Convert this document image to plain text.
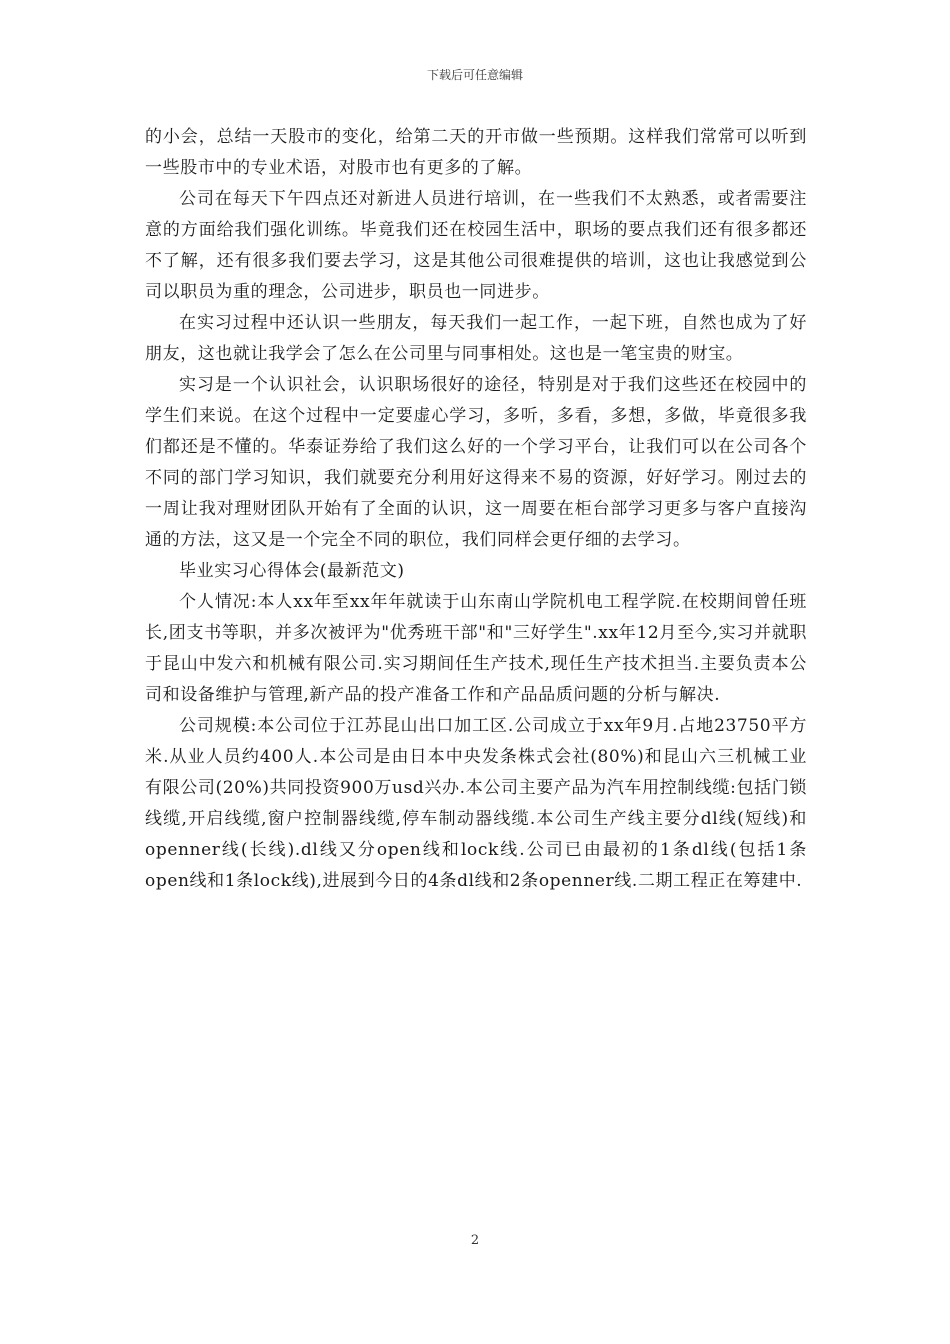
下载后可任意编辑

的小会，总结一天股市的变化，给第二天的开市做一些预期。这样我们常常可以听到一些股市中的专业术语，对股市也有更多的了解。

公司在每天下午四点还对新进人员进行培训，在一些我们不太熟悉，或者需要注意的方面给我们强化训练。毕竟我们还在校园生活中，职场的要点我们还有很多都还不了解，还有很多我们要去学习，这是其他公司很难提供的培训，这也让我感觉到公司以职员为重的理念，公司进步，职员也一同进步。

在实习过程中还认识一些朋友，每天我们一起工作，一起下班，自然也成为了好朋友，这也就让我学会了怎么在公司里与同事相处。这也是一笔宝贵的财宝。

实习是一个认识社会，认识职场很好的途径，特别是对于我们这些还在校园中的学生们来说。在这个过程中一定要虚心学习，多听，多看，多想，多做，毕竟很多我们都还是不懂的。华泰证券给了我们这么好的一个学习平台，让我们可以在公司各个不同的部门学习知识，我们就要充分利用好这得来不易的资源，好好学习。刚过去的一周让我对理财团队开始有了全面的认识，这一周要在柜台部学习更多与客户直接沟通的方法，这又是一个完全不同的职位，我们同样会更仔细的去学习。

毕业实习心得体会(最新范文)

个人情况:本人xx年至xx年年就读于山东南山学院机电工程学院.在校期间曾任班长,团支书等职，并多次被评为"优秀班干部"和"三好学生".xx年12月至今,实习并就职于昆山中发六和机械有限公司.实习期间任生产技术,现任生产技术担当.主要负责本公司和设备维护与管理,新产品的投产准备工作和产品品质问题的分析与解决.

公司规模:本公司位于江苏昆山出口加工区.公司成立于xx年9月.占地23750平方米.从业人员约400人.本公司是由日本中央发条株式会社(80%)和昆山六三机械工业有限公司(20%)共同投资900万usd兴办.本公司主要产品为汽车用控制线缆:包括门锁线缆,开启线缆,窗户控制器线缆,停车制动器线缆.本公司生产线主要分dl线(短线)和openner线(长线).dl线又分open线和lock线.公司已由最初的1条dl线(包括1条open线和1条lock线),进展到今日的4条dl线和2条openner线.二期工程正在筹建中.

2
